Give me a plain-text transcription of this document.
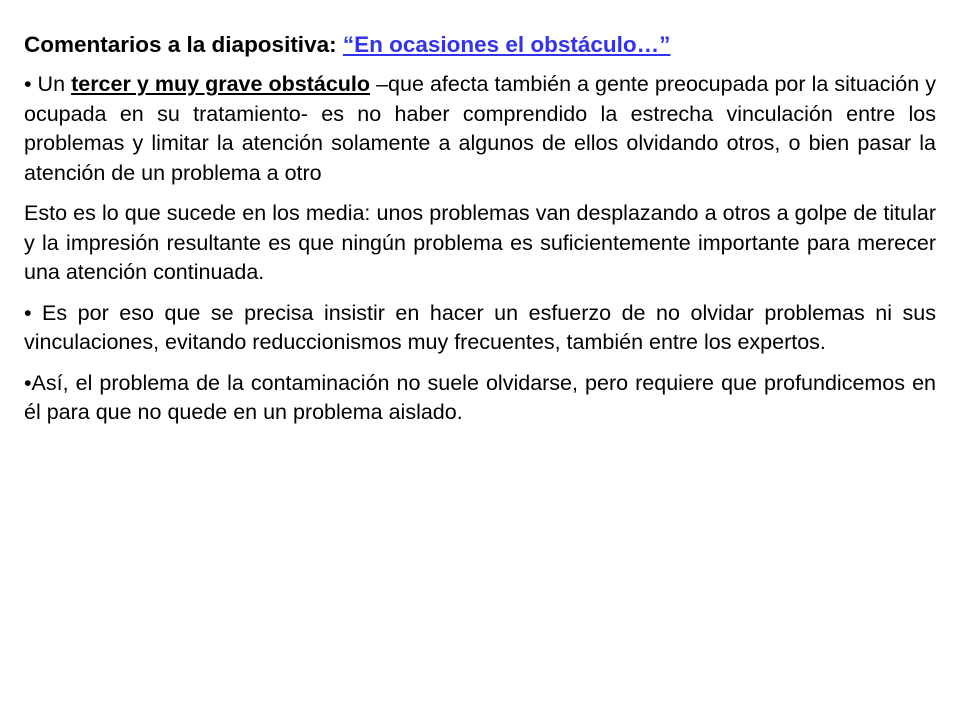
Comentarios a la diapositiva: “En ocasiones el obstáculo…”

• Un tercer y muy grave obstáculo –que afecta también a gente preocupada por la situación y ocupada en su tratamiento- es no haber comprendido la estrecha vinculación entre los problemas y limitar la atención solamente a algunos de ellos olvidando otros, o bien pasar la atención de un problema a otro

Esto es lo que sucede en los media: unos problemas van desplazando a otros a golpe de titular y la impresión resultante es que ningún problema es suficientemente importante para merecer una atención continuada.

• Es por eso que se precisa insistir en hacer un esfuerzo de no olvidar problemas ni sus vinculaciones, evitando reduccionismos muy frecuentes, también entre los expertos.

•Así, el problema de la contaminación no suele olvidarse, pero requiere que profundicemos en él para que no quede en un problema aislado.
